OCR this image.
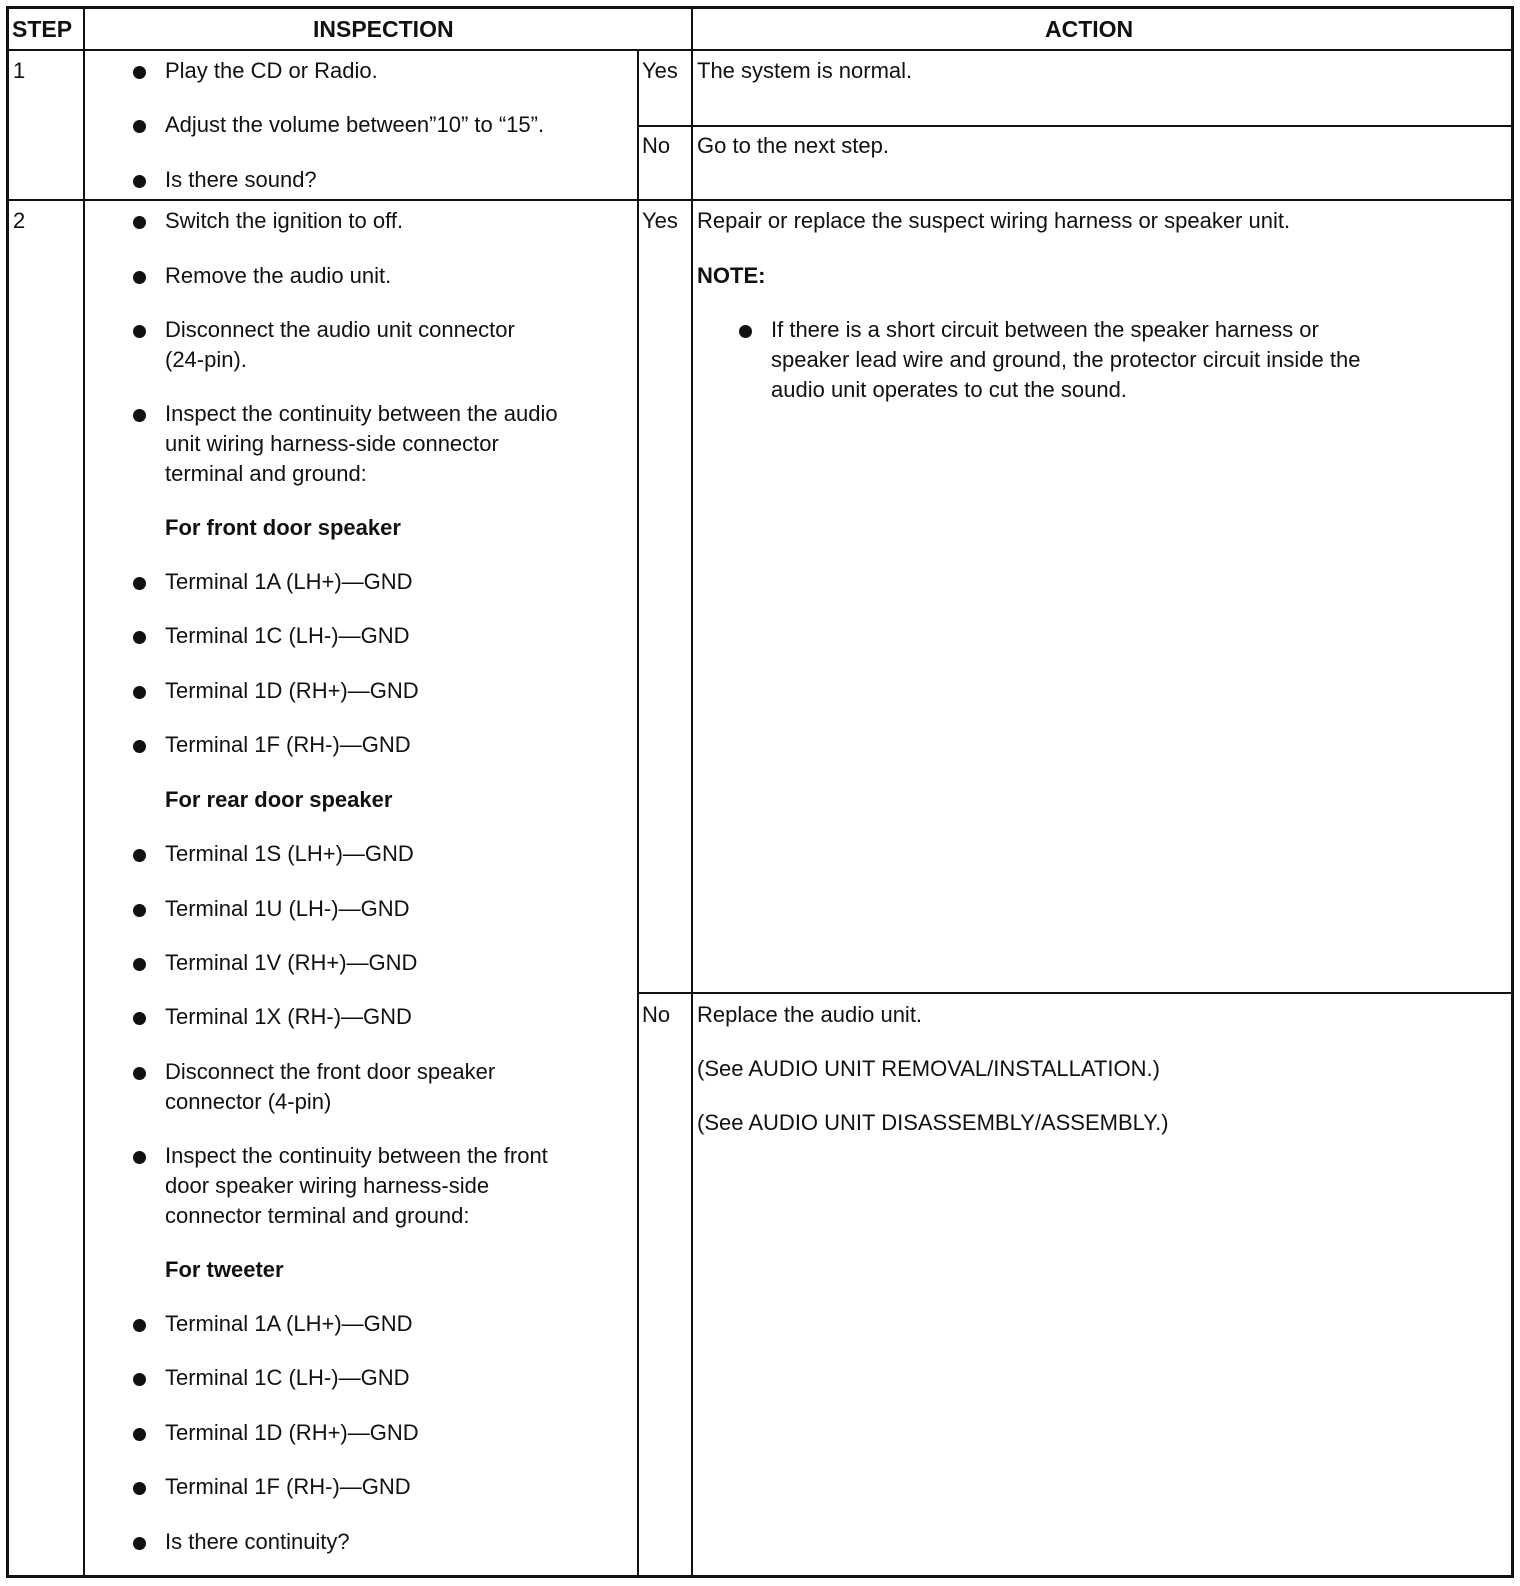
STEP	INSPECTION	ACTION
1	Play the CD or Radio.
Adjust the volume between”10” to “15”.
Is there sound?
Yes The system is normal.
No Go to the next step.
2	Switch the ignition to off.
Remove the audio unit.
Disconnect the audio unit connector
(24-pin).
Inspect the continuity between the audio
unit wiring harness-side connector
terminal and ground:
For front door speaker
Terminal 1A (LH+)—GND
Terminal 1C (LH-)—GND
Terminal 1D (RH+)—GND
Terminal 1F (RH-)—GND
For rear door speaker
Terminal 1S (LH+)—GND
Terminal 1U (LH-)—GND
Terminal 1V (RH+)—GND
Terminal 1X (RH-)—GND
Disconnect the front door speaker
connector (4-pin)
Inspect the continuity between the front
door speaker wiring harness-side
connector terminal and ground:
For tweeter
Terminal 1A (LH+)—GND
Terminal 1C (LH-)—GND
Terminal 1D (RH+)—GND
Terminal 1F (RH-)—GND
Is there continuity?
Yes Repair or replace the suspect wiring harness or speaker unit.
NOTE:
If there is a short circuit between the speaker harness or
speaker lead wire and ground, the protector circuit inside the
audio unit operates to cut the sound.
No Replace the audio unit.
(See AUDIO UNIT REMOVAL/INSTALLATION.)
(See AUDIO UNIT DISASSEMBLY/ASSEMBLY.)
